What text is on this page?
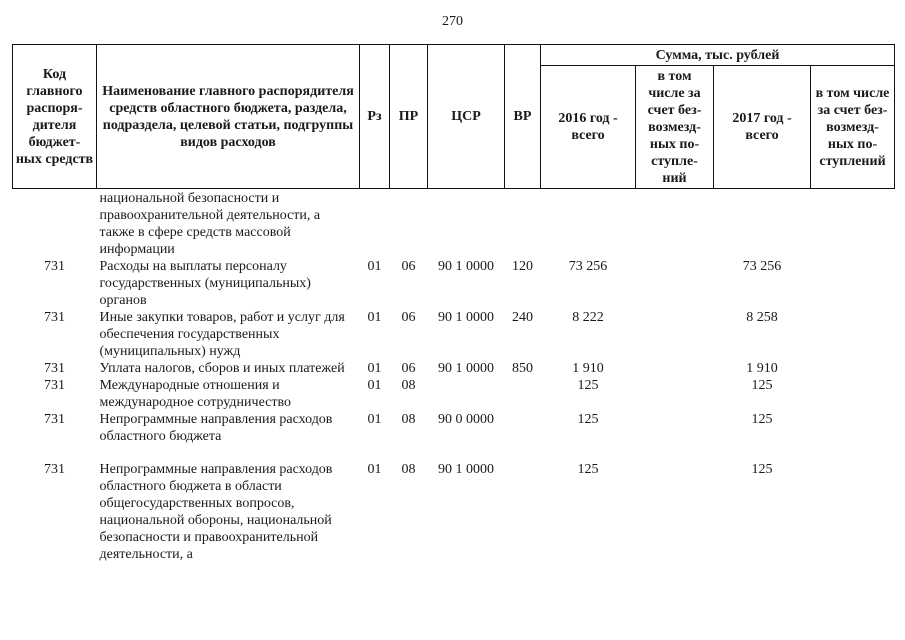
270
Код главного распоря- дителя бюджет- ных средств	Наименование главного распорядителя средств областного бюджета, раздела, подраздела, целевой статьи, подгруппы видов расходов	Рз	ПР	ЦСР	ВР	Сумма, тыс. рублей			
						2016 год - всего	в том числе за счет без- возмезд- ных по- ступле- ний	2017 год - всего	в том числе за счет без- возмезд- ных по- ступлений
	национальной безопасности и правоохранительной деятельности, а также в сфере средств массовой информации								
731	Расходы на выплаты персоналу государственных (муниципальных) органов	01	06	90 1 0000	120	73 256		73 256	
731	Иные закупки товаров, работ и услуг для обеспечения государственных (муниципальных) нужд	01	06	90 1 0000	240	8 222		8 258	
731	Уплата налогов, сборов и иных платежей	01	06	90 1 0000	850	1 910		1 910	
731	Международные отношения и международное сотрудничество	01	08			125		125	
731	Непрограммные направления расходов областного бюджета	01	08	90 0 0000		125		125	
731	Непрограммные направления расходов областного бюджета в области общегосударственных вопросов, национальной обороны, национальной безопасности и правоохранительной деятельности, а	01	08	90 1 0000		125		125	
